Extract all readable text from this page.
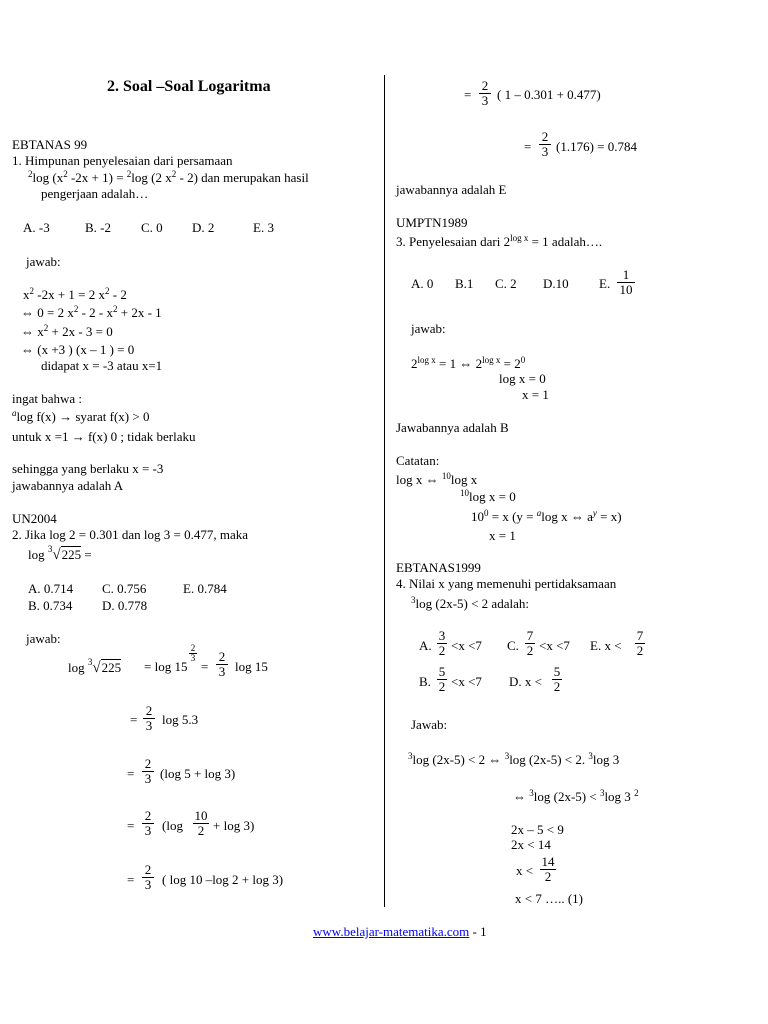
2. Soal –Soal Logaritma
EBTANAS 99
1. Himpunan penyelesaian dari persamaan
$^2$log ($x^2$ -2x + 1) = $^2$log (2 $x^2 - 2$) dan merupakan hasil
pengerjaan adalah…
A. -3	B. -2 C. 0 D. 2	E. 3
jawab:
$x^2$ -2x + 1 = 2 $x^2 - 2$
⇔ 0 = 2 $x^2 - 2 - x^2 + 2x - 1$
⇔ $x^2 + 2x - 3 = 0$
⇔ (x +3 ) (x – 1 ) = 0
didapat x = -3 atau x=1
ingat bahwa :
$^a$log f(x) → syarat f(x) > 0
untuk x =1 → f(x) 0 ; tidak berlaku
sehingga yang berlaku x = -3
jawabannya adalah A
UN2004
2. Jika log 2 = 0.301 dan log 3 = 0.477, maka
log $^3$√225 =
A. 0.714 C. 0.756	E. 0.784
B. 0.734 D. 0.778
jawab:
log $^3$√225 = log 15
$\frac{2}{3}$
= $\frac{2}{3}$ log 15
= $\frac{2}{3}$ log 5.3
= $\frac{2}{3} (\log$ 5 + log 3)
= $\frac{2}{3} (\log \frac{10}{2} + \log 3)$
= $\frac{2}{3}$ ( log 10 –log 2 + log 3)
= $\frac{2}{3}$ ( 1 – 0.301 + 0.477)
= $\frac{2}{3} (1.176) = 0.784$
jawabannya adalah E
UMPTN1989
3. Penyelesaian dari $2^{log x} = 1$ adalah….
A. 0 B.1 C. 2 D.10 E. $\frac{1}{10}$
jawab:
$2^{log x} = 1$ ⇔ $2^{log x} = 2^0$
log x = 0
x = 1
Jawabannya adalah B
Catatan:
log x ⇔ $^{10}$log x
$^{10}$log x = 0
$10^0 = x$ (y = $^a$log x ⇔ $a^y = x$)
x = 1
EBTANAS1999
4. Nilai x yang memenuhi pertidaksamaan
$^3$log (2x-5) < 2 adalah:
A. $\frac{3}{2} <x <7$ C. $\frac{7}{2} <x <7$ E. $x < \frac{7}{2}$
B. $\frac{5}{2} <x <7$ D. $x < \frac{5}{2}$
Jawab:
$^3$log (2x-5) < 2 ⇔ $^3$log (2x-5) < 2. $^3$log 3
⇔ $^3$log (2x-5) < $^3$log 3 $^2$
2x – 5 < 9
2x < 14
$x < \frac{14}{2}$
x < 7 ….. (1)
www.belajar-matematika.com - 1
